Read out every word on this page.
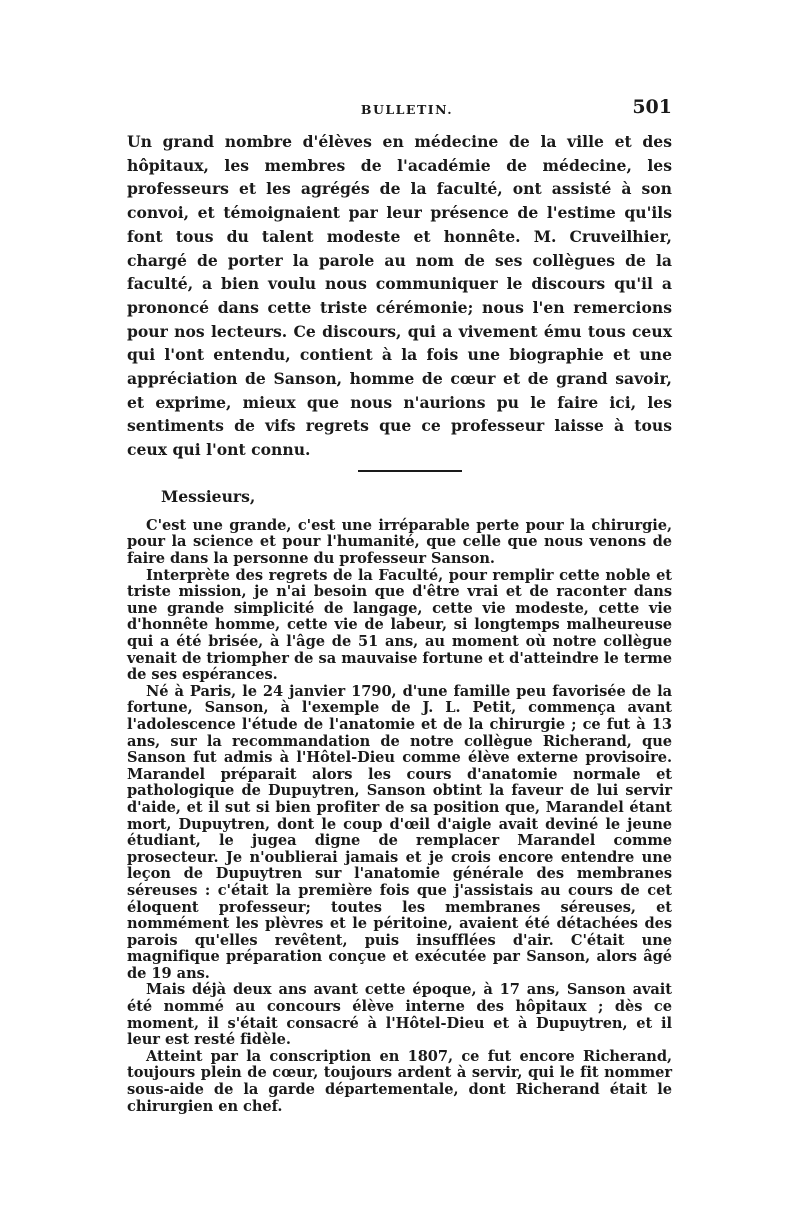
BULLETIN.	501

Un grand nombre d'élèves en médecine de la ville et des hôpitaux, les membres de l'académie de médecine, les professeurs et les agrégés de la faculté, ont assisté à son convoi, et témoignaient par leur présence de l'estime qu'ils font tous du talent modeste et honnête. M. Cruveilhier, chargé de porter la parole au nom de ses collègues de la faculté, a bien voulu nous communiquer le discours qu'il a prononcé dans cette triste cérémonie; nous l'en remercions pour nos lecteurs. Ce discours, qui a vivement ému tous ceux qui l'ont entendu, contient à la fois une biographie et une appréciation de Sanson, homme de cœur et de grand savoir, et exprime, mieux que nous n'aurions pu le faire ici, les sentiments de vifs regrets que ce professeur laisse à tous ceux qui l'ont connu.

Messieurs,

C'est une grande, c'est une irréparable perte pour la chirurgie, pour la science et pour l'humanité, que celle que nous venons de faire dans la personne du professeur Sanson.

Interprète des regrets de la Faculté, pour remplir cette noble et triste mission, je n'ai besoin que d'être vrai et de raconter dans une grande simplicité de langage, cette vie modeste, cette vie d'honnête homme, cette vie de labeur, si longtemps malheureuse qui a été brisée, à l'âge de 51 ans, au moment où notre collègue venait de triompher de sa mauvaise fortune et d'atteindre le terme de ses espérances.

Né à Paris, le 24 janvier 1790, d'une famille peu favorisée de la fortune, Sanson, à l'exemple de J. L. Petit, commença avant l'adolescence l'étude de l'anatomie et de la chirurgie ; ce fut à 13 ans, sur la recommandation de notre collègue Richerand, que Sanson fut admis à l'Hôtel-Dieu comme élève externe provisoire. Marandel préparait alors les cours d'anatomie normale et pathologique de Dupuytren, Sanson obtint la faveur de lui servir d'aide, et il sut si bien profiter de sa position que, Marandel étant mort, Dupuytren, dont le coup d'œil d'aigle avait deviné le jeune étudiant, le jugea digne de remplacer Marandel comme prosecteur. Je n'oublierai jamais et je crois encore entendre une leçon de Dupuytren sur l'anatomie générale des membranes séreuses : c'était la première fois que j'assistais au cours de cet éloquent professeur; toutes les membranes séreuses, et nommément les plèvres et le péritoine, avaient été détachées des parois qu'elles revêtent, puis insufflées d'air. C'était une magnifique préparation conçue et exécutée par Sanson, alors âgé de 19 ans.

Mais déjà deux ans avant cette époque, à 17 ans, Sanson avait été nommé au concours élève interne des hôpitaux ; dès ce moment, il s'était consacré à l'Hôtel-Dieu et à Dupuytren, et il leur est resté fidèle.

Atteint par la conscription en 1807, ce fut encore Richerand, toujours plein de cœur, toujours ardent à servir, qui le fit nommer sous-aide de la garde départementale, dont Richerand était le chirurgien en chef.
